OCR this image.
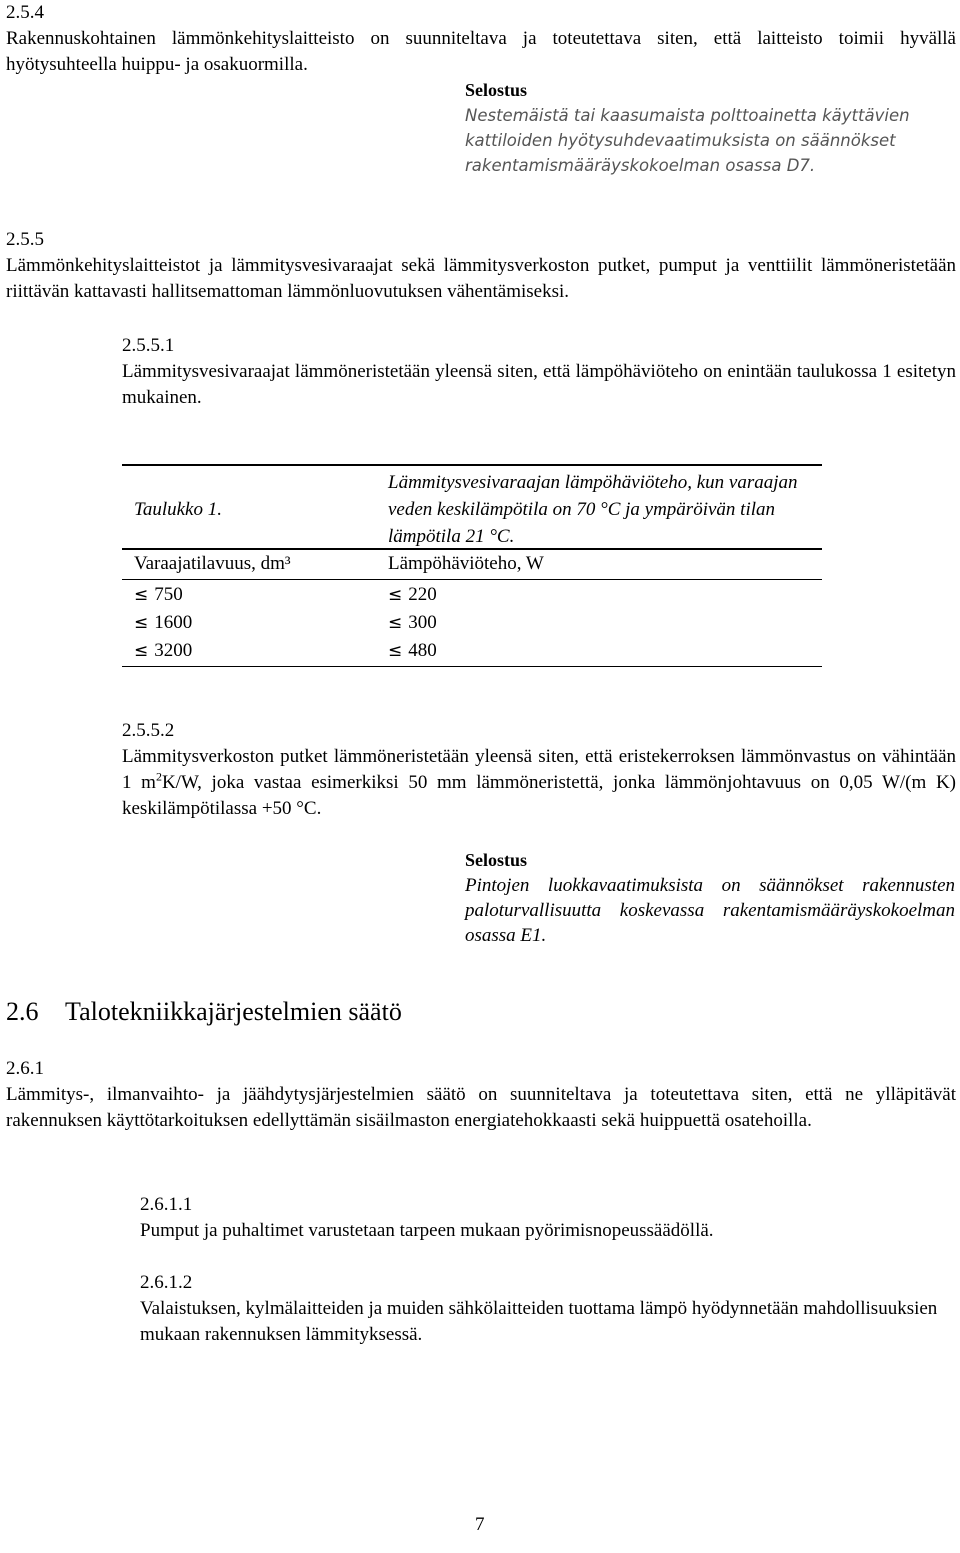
2.5.4
Rakennuskohtainen lämmönkehityslaitteisto on suunniteltava ja toteutettava siten, että laitteisto toimii hyvällä hyötysuhteella huippu- ja osakuormilla.
Selostus
Nestemäistä tai kaasumaista polttoainetta käyttävien kattiloiden hyötysuhdevaatimuksista on säännökset rakentamismääräyskokoelman osassa D7.
2.5.5
Lämmönkehityslaitteistot ja lämmitysvesivaraajat sekä lämmitysverkoston putket, pumput ja venttiilit lämmöneristetään riittävän kattavasti hallitsemattoman lämmönluovutuksen vähentämiseksi.
2.5.5.1
Lämmitysvesivaraajat lämmöneristetään yleensä siten, että lämpöhäviöteho on enintään taulukossa 1 esitetyn mukainen.
Taulukko 1.
Lämmitysvesivaraajan lämpöhäviöteho, kun varaajan veden keskilämpötila on 70 °C ja ympäröivän tilan lämpötila 21 °C.
Varaajatilavuus, dm³	Lämpöhäviöteho, W
≤ 750	≤ 220
≤ 1600	≤ 300
≤ 3200	≤ 480
2.5.5.2
Lämmitysverkoston putket lämmöneristetään yleensä siten, että eristekerroksen lämmönvastus on vähintään 1 $m^2K/W$, joka vastaa esimerkiksi 50 mm lämmöneristettä, jonka lämmönjohtavuus on 0,05 W/(m K) keskilämpötilassa +50 °C.
Selostus
Pintojen luokkavaatimuksista on säännökset rakennusten paloturvallisuutta koskevassa rakentamismääräyskokoelman osassa E1.
2.6 Talotekniikkajärjestelmien säätö
2.6.1
Lämmitys-, ilmanvaihto- ja jäähdytysjärjestelmien säätö on suunniteltava ja toteutettava siten, että ne ylläpitävät rakennuksen käyttötarkoituksen edellyttämän sisäilmaston energiatehokkaasti sekä huippuettä osatehoilla.
2.6.1.1
Pumput ja puhaltimet varustetaan tarpeen mukaan pyörimisnopeussäädöllä.
2.6.1.2
Valaistuksen, kylmälaitteiden ja muiden sähkölaitteiden tuottama lämpö hyödynnetään mahdollisuuksien mukaan rakennuksen lämmityksessä.
7
